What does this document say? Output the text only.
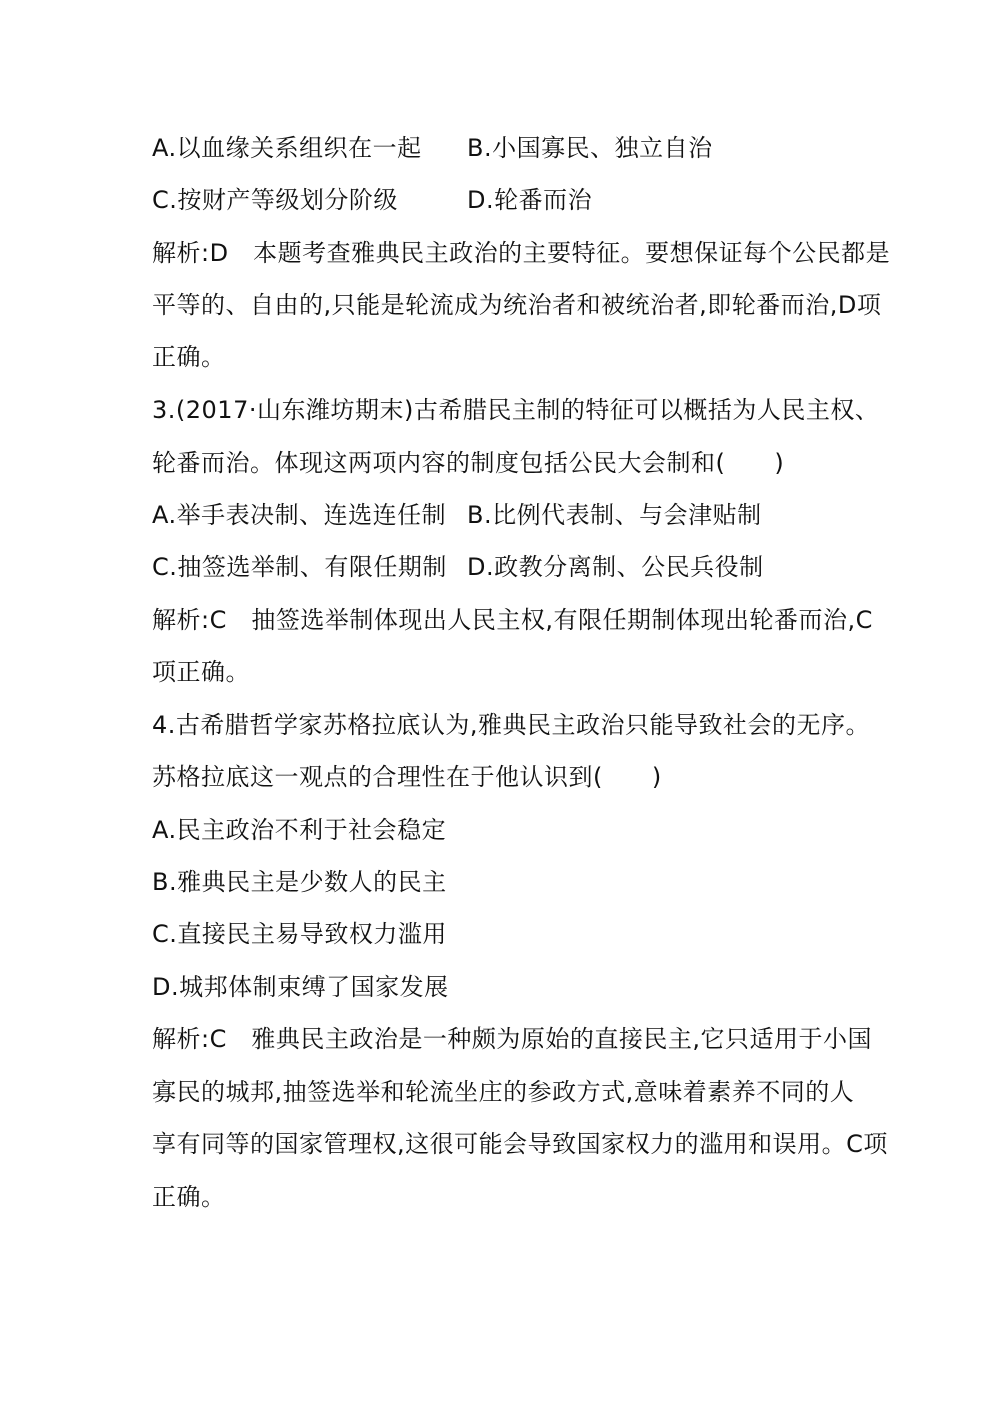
A.以血缘关系组织在一起 B.小国寡民、独立自治
C.按财产等级划分阶级	D.轮番而治
解析:D　本题考查雅典民主政治的主要特征。要想保证每个公民都是
平等的、自由的,只能是轮流成为统治者和被统治者,即轮番而治,D项
正确。
3.(2017·山东潍坊期末)古希腊民主制的特征可以概括为人民主权、
轮番而治。体现这两项内容的制度包括公民大会制和(　　)
A.举手表决制、连选连任制 B.比例代表制、与会津贴制
C.抽签选举制、有限任期制 D.政教分离制、公民兵役制
解析:C　抽签选举制体现出人民主权,有限任期制体现出轮番而治,C
项正确。
4.古希腊哲学家苏格拉底认为,雅典民主政治只能导致社会的无序。
苏格拉底这一观点的合理性在于他认识到(　　)
A.民主政治不利于社会稳定
B.雅典民主是少数人的民主
C.直接民主易导致权力滥用
D.城邦体制束缚了国家发展
解析:C　雅典民主政治是一种颇为原始的直接民主,它只适用于小国
寡民的城邦,抽签选举和轮流坐庄的参政方式,意味着素养不同的人
享有同等的国家管理权,这很可能会导致国家权力的滥用和误用。C项
正确。
